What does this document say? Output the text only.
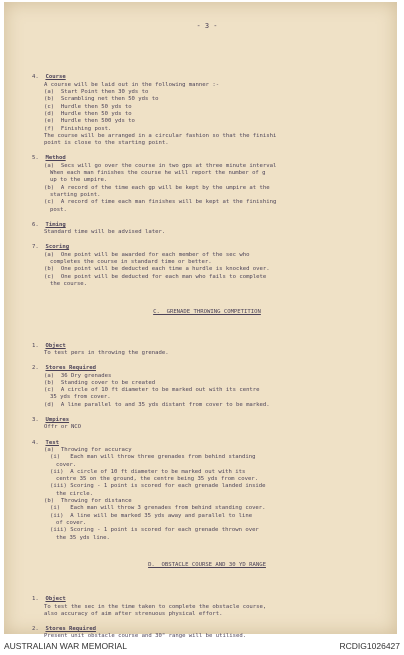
- 3 -

4.  Course
A course will be laid out in the following manner :-
(a)  Start Point then 30 yds to
(b)  Scrambling net then 50 yds to
(c)  Hurdle then 50 yds to
(d)  Hurdle then 50 yds to
(e)  Hurdle then 500 yds to
(f)  Finishing post.
The course will be arranged in a circular fashion so that the finishi
point is close to the starting point.
5.  Method
(a)  Secs will go over the course in two gps at three minute interval
When each man finishes the course he will report the number of g
up to the umpire.
(b)  A record of the time each gp will be kept by the umpire at the
starting point.
(c)  A record of time each man finishes will be kept at the finishing
post.
6.  Timing
Standard time will be advised later.
7.  Scoring
(a)  One point will be awarded for each member of the sec who
completes the course in standard time or better.
(b)  One point will be deducted each time a hurdle is knocked over.
(c)  One point will be deducted for each man who fails to complete
the course.

C.  GRENADE THROWING COMPETITION

1.  Object
To test pers in throwing the grenade.
2.  Stores Required
(a)  36 Dry grenades
(b)  Standing cover to be created
(c)  A circle of 10 ft diameter to be marked out with its centre
35 yds from cover.
(d)  A line parallel to and 35 yds distant from cover to be marked.
3.  Umpires
Offr or NCO
4.  Test
(a)  Throwing for accuracy
(i)   Each man will throw three grenades from behind standing
cover.
(ii)  A circle of 10 ft diameter to be marked out with its
centre 35 on the ground, the centre being 35 yds from cover.
(iii) Scoring - 1 point is scored for each grenade landed inside
the circle.
(b)  Throwing for distance
(i)   Each man will throw 3 grenades from behind standing cover.
(ii)  A line will be marked 35 yds away and parallel to line
of cover.
(iii) Scoring - 1 point is scored for each grenade thrown over
the 35 yds line.

D.  OBSTACLE COURSE AND 30 YD RANGE

1.  Object
To test the sec in the time taken to complete the obstacle course,
also accuracy of aim after strenuous physical effort.
2.  Stores Required
Present unit obstacle course and 30" range will be utilised.

AUSTRALIAN WAR MEMORIAL	RCDIG1026427
